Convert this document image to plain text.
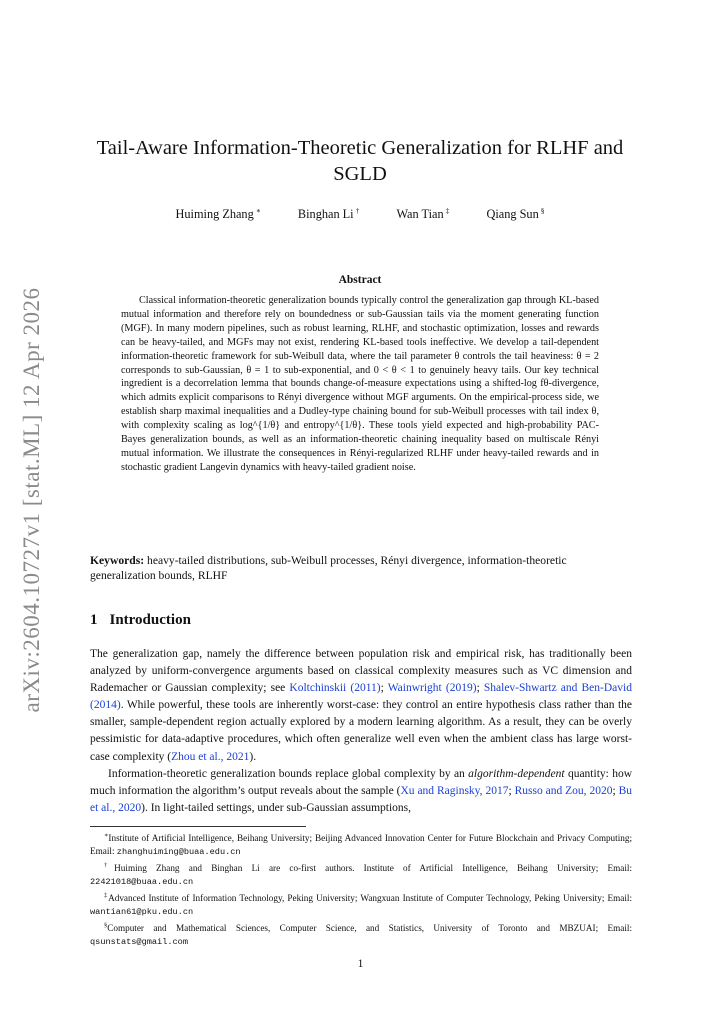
arXiv:2604.10727v1 [stat.ML] 12 Apr 2026
Tail-Aware Information-Theoretic Generalization for RLHF and SGLD
Huiming Zhang ∗	Binghan Li †	Wan Tian ‡	Qiang Sun §
Abstract
Classical information-theoretic generalization bounds typically control the generalization gap through KL-based mutual information and therefore rely on boundedness or sub-Gaussian tails via the moment generating function (MGF). In many modern pipelines, such as robust learning, RLHF, and stochastic optimization, losses and rewards can be heavy-tailed, and MGFs may not exist, rendering KL-based tools ineffective. We develop a tail-dependent information-theoretic framework for sub-Weibull data, where the tail parameter θ controls the tail heaviness: θ = 2 corresponds to sub-Gaussian, θ = 1 to sub-exponential, and 0 < θ < 1 to genuinely heavy tails. Our key technical ingredient is a decorrelation lemma that bounds change-of-measure expectations using a shifted-log fθ-divergence, which admits explicit comparisons to Rényi divergence without MGF arguments. On the empirical-process side, we establish sharp maximal inequalities and a Dudley-type chaining bound for sub-Weibull processes with tail index θ, with complexity scaling as log^{1/θ} and entropy^{1/θ}. These tools yield expected and high-probability PAC-Bayes generalization bounds, as well as an information-theoretic chaining inequality based on multiscale Rényi mutual information. We illustrate the consequences in Rényi-regularized RLHF under heavy-tailed rewards and in stochastic gradient Langevin dynamics with heavy-tailed gradient noise.
Keywords: heavy-tailed distributions, sub-Weibull processes, Rényi divergence, information-theoretic generalization bounds, RLHF
1 Introduction

The generalization gap, namely the difference between population risk and empirical risk, has traditionally been analyzed by uniform-convergence arguments based on classical complexity measures such as VC dimension and Rademacher or Gaussian complexity; see Koltchinskii (2011); Wainwright (2019); Shalev-Shwartz and Ben-David (2014). While powerful, these tools are inherently worst-case: they control an entire hypothesis class rather than the smaller, sample-dependent region actually explored by a modern learning algorithm. As a result, they can be overly pessimistic for data-adaptive procedures, which often generalize well even when the ambient class has large worst-case complexity (Zhou et al., 2021).

Information-theoretic generalization bounds replace global complexity by an algorithm-dependent quantity: how much information the algorithm’s output reveals about the sample (Xu and Raginsky, 2017; Russo and Zou, 2020; Bu et al., 2020). In light-tailed settings, under sub-Gaussian assumptions,

∗Institute of Artificial Intelligence, Beihang University; Beijing Advanced Innovation Center for Future Blockchain and Privacy Computing; Email: zhanghuiming@buaa.edu.cn

†Huiming Zhang and Binghan Li are co-first authors. Institute of Artificial Intelligence, Beihang University; Email: 22421018@buaa.edu.cn

‡Advanced Institute of Information Technology, Peking University; Wangxuan Institute of Computer Technology, Peking University; Email: wantian61@pku.edu.cn

§Computer and Mathematical Sciences, Computer Science, and Statistics, University of Toronto and MBZUAI; Email: qsunstats@gmail.com

1
